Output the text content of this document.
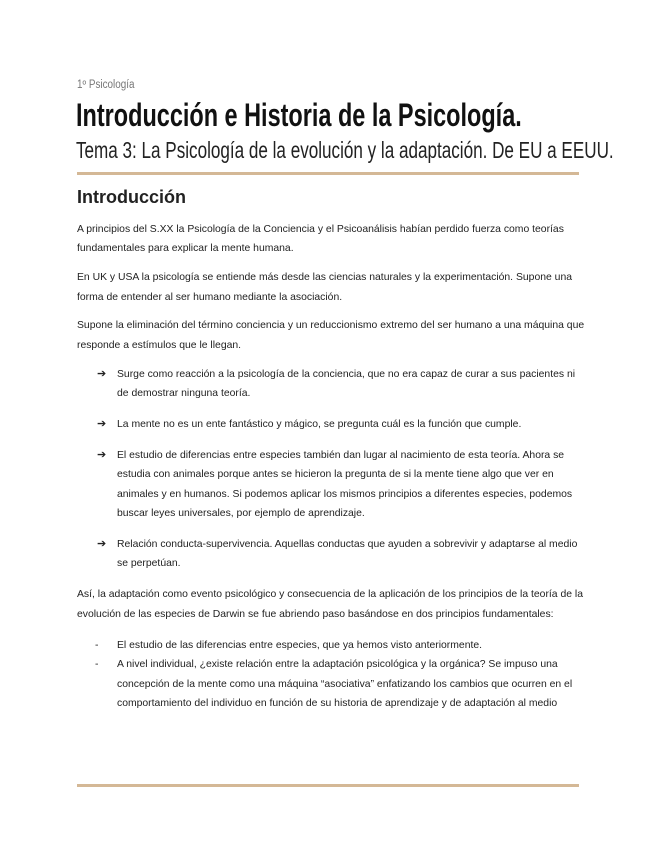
1º Psicología
Introducción e Historia de la Psicología.
Tema 3: La Psicología de la evolución y la adaptación. De EU a EEUU.
Introducción

A principios del S.XX la Psicología de la Conciencia y el Psicoanálisis habían perdido fuerza como teorías fundamentales para explicar la mente humana.

En UK y USA la psicología se entiende más desde las ciencias naturales y la experimentación. Supone una forma de entender al ser humano mediante la asociación.

Supone la eliminación del término conciencia y un reduccionismo extremo del ser humano a una máquina que responde a estímulos que le llegan.

➔ Surge como reacción a la psicología de la conciencia, que no era capaz de curar a sus pacientes ni de demostrar ninguna teoría.
➔ La mente no es un ente fantástico y mágico, se pregunta cuál es la función que cumple.
➔ El estudio de diferencias entre especies también dan lugar al nacimiento de esta teoría. Ahora se estudia con animales porque antes se hicieron la pregunta de si la mente tiene algo que ver en animales y en humanos. Si podemos aplicar los mismos principios a diferentes especies, podemos buscar leyes universales, por ejemplo de aprendizaje.
➔ Relación conducta-supervivencia. Aquellas conductas que ayuden a sobrevivir y adaptarse al medio se perpetúan.

Así, la adaptación como evento psicológico y consecuencia de la aplicación de los principios de la teoría de la evolución de las especies de Darwin se fue abriendo paso basándose en dos principios fundamentales:

- El estudio de las diferencias entre especies, que ya hemos visto anteriormente.
- A nivel individual, ¿existe relación entre la adaptación psicológica y la orgánica? Se impuso una concepción de la mente como una máquina “asociativa” enfatizando los cambios que ocurren en el comportamiento del individuo en función de su historia de aprendizaje y de adaptación al medio
